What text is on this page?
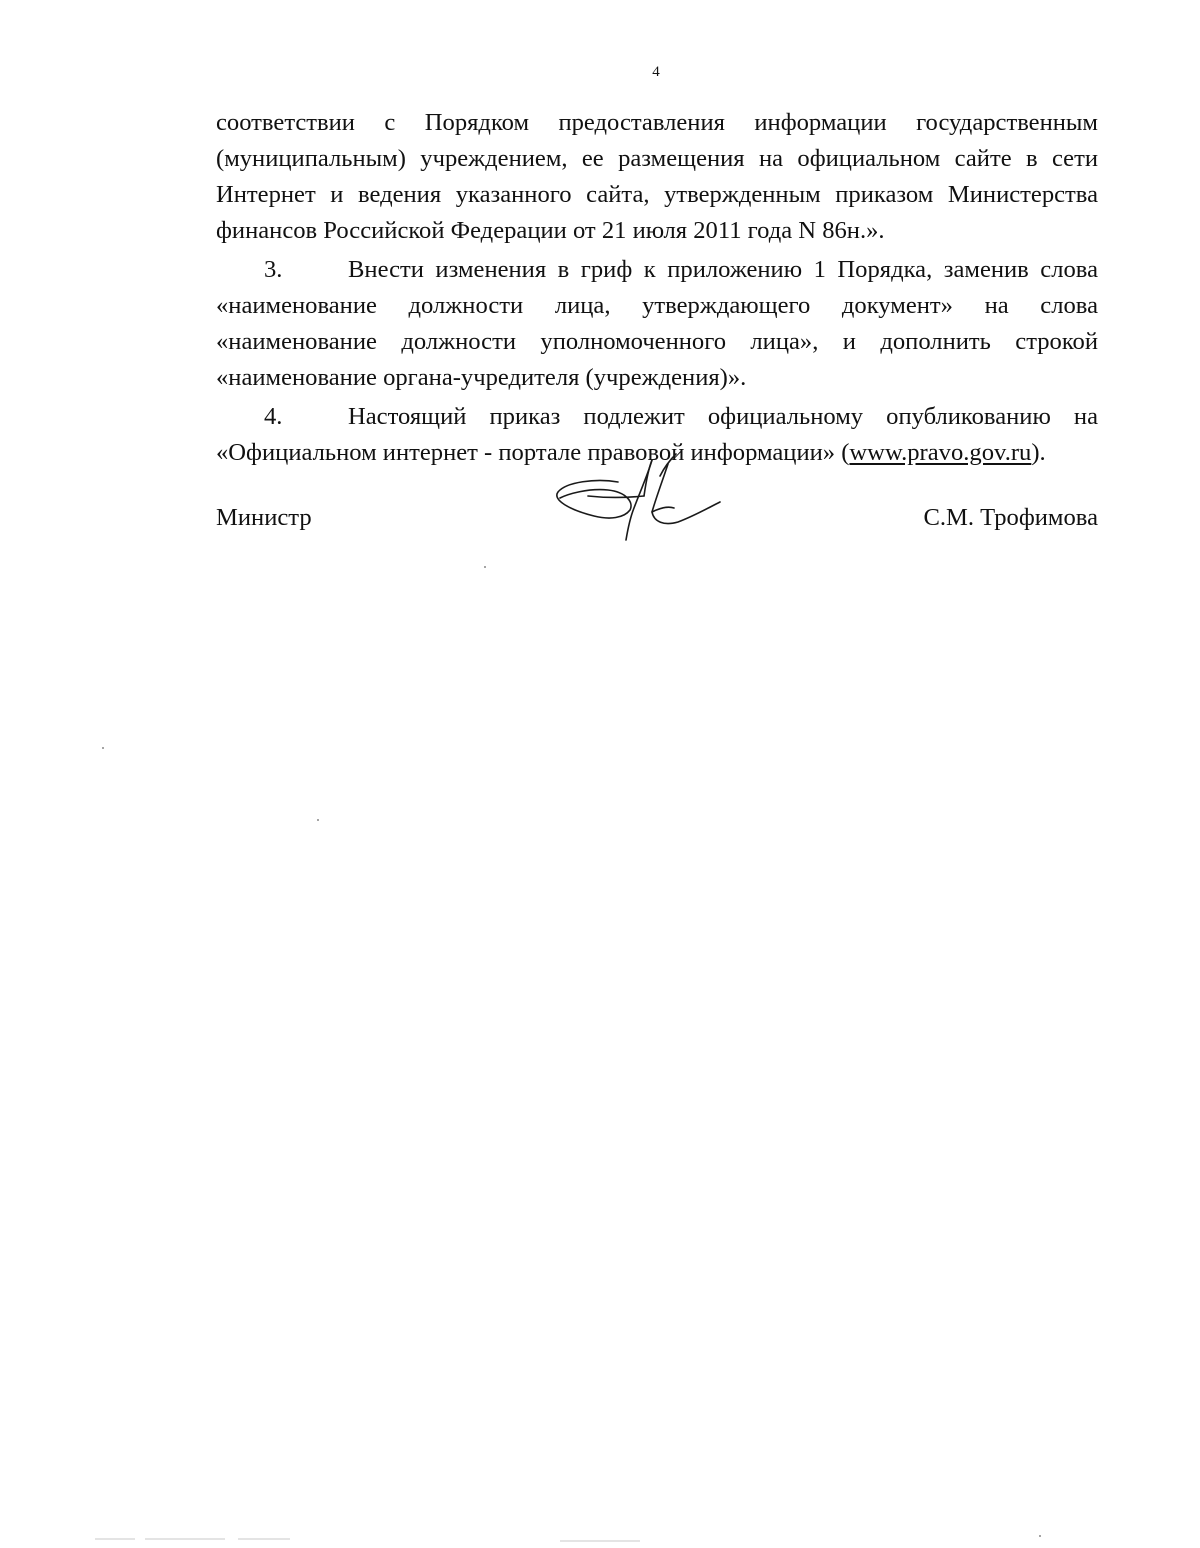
4

соответствии с Порядком предоставления информации государственным (муниципальным) учреждением, ее размещения на официальном сайте в сети Интернет и ведения указанного сайта, утвержденным приказом Министерства финансов Российской Федерации от 21 июля 2011 года N 86н.».

3.	Внести изменения в гриф к приложению 1 Порядка, заменив слова «наименование должности лица, утверждающего документ» на слова «наименование должности уполномоченного лица», и дополнить строкой «наименование органа-учредителя (учреждения)».

4.	Настоящий приказ подлежит официальному опубликованию на «Официальном интернет - портале правовой информации» (www.pravo.gov.ru).

Министр	С.М. Трофимова
